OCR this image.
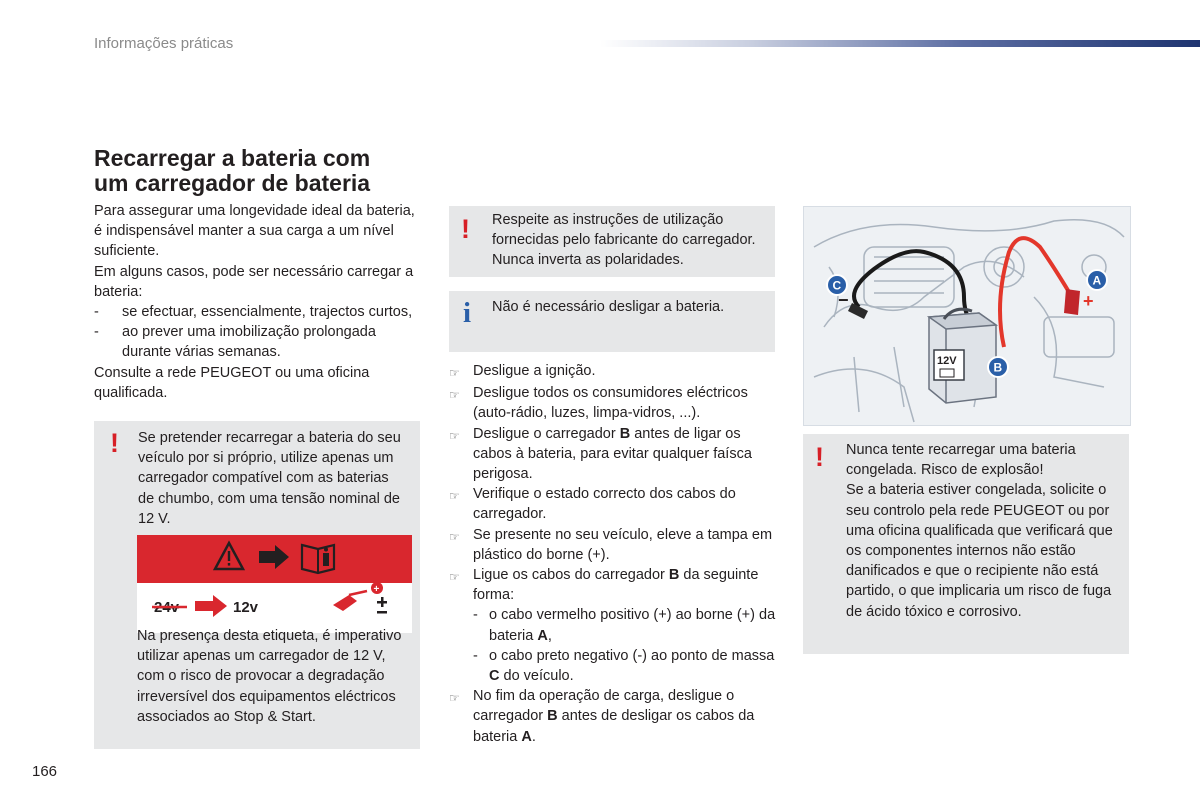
Informações práticas
Recarregar a bateria com
um carregador de bateria

Para assegurar uma longevidade ideal da bateria, é indispensável manter a sua carga a um nível suficiente.

Em alguns casos, pode ser necessário carregar a bateria:

-	se efectuar, essencialmente, trajectos curtos,
-	ao prever uma imobilização prolongada durante várias semanas.

Consulte a rede PEUGEOT ou uma oficina qualificada.

! Se pretender recarregar a bateria do seu veículo por si próprio, utilize apenas um carregador compatível com as baterias de chumbo, com uma tensão nominal de 12 V.
24v	12v
+
Na presença desta etiqueta, é imperativo utilizar apenas um carregador de 12 V, com o risco de provocar a degradação irreversível dos equipamentos eléctricos associados ao Stop & Start.
! Respeite as instruções de utilização fornecidas pelo fabricante do carregador. Nunca inverta as polaridades.
i Não é necessário desligar a bateria.
☞ Desligue a ignição.
☞ Desligue todos os consumidores eléctricos (auto-rádio, luzes, limpa-vidros, ...).
☞ Desligue o carregador B antes de ligar os cabos à bateria, para evitar qualquer faísca perigosa.
☞ Verifique o estado correcto dos cabos do carregador.
☞ Se presente no seu veículo, eleve a tampa em plástico do borne (+).
☞ Ligue os cabos do carregador B da seguinte forma:
- o cabo vermelho positivo (+) ao borne (+) da bateria A,
- o cabo preto negativo (-) ao ponto de massa C do veículo.
☞ No fim da operação de carga, desligue o carregador B antes de desligar os cabos da bateria A.
12V
C
−
A
+
B
! Nunca tente recarregar uma bateria congelada. Risco de explosão!
Se a bateria estiver congelada, solicite o seu controlo pela rede PEUGEOT ou por uma oficina qualificada que verificará que os componentes internos não estão danificados e que o recipiente não está partido, o que implicaria um risco de fuga de ácido tóxico e corrosivo.
166
